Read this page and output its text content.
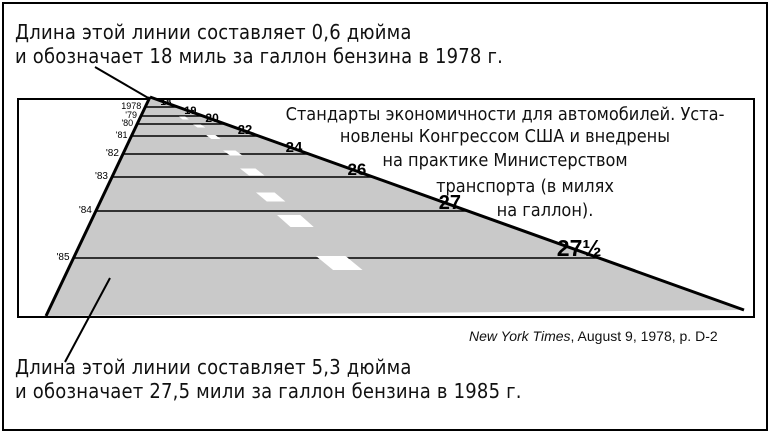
Длина этой линии составляет 0,6 дюйма
и обозначает 18 миль за галлон бензина в 1978 г.
1978 18
'79	19
'80	20
'81	22
'82	24
'83	26
'84	27
'85	27½
Стандарты экономичности для автомобилей. Уста-
новлены Конгрессом США и внедрены
на практике Министерством
транспорта (в милях
на галлон).
New York Times, August 9, 1978, p. D-2
Длина этой линии составляет 5,3 дюйма
и обозначает 27,5 мили за галлон бензина в 1985 г.
